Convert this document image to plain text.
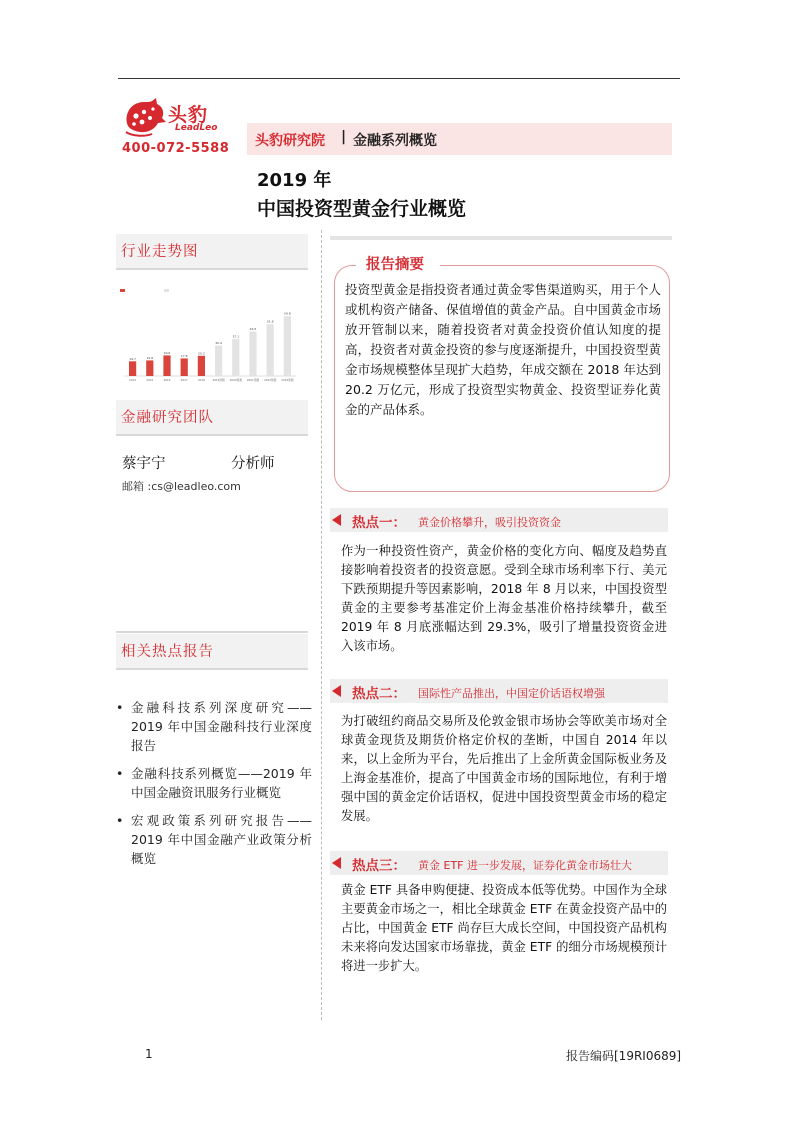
头豹
LeadLeo
400-072-5588 头豹研究院 | 金融系列概览
2019 年
中国投资型黄金行业概览
行业走势图
14.7
2014
15.6
2015
20.6
2016
17.6
2017
20.2
2018
30.4
2019预测
37.1
2020预测
44.5
2021预测
51.8
2022预测
59.8
2023预测
金融研究团队
蔡宇宁	分析师
邮箱 :cs@leadleo.com
相关热点报告
• 金融科技系列深度研究——2019 年中国金融科技行业深度报告
• 金融科技系列概览——2019 年中国金融资讯服务行业概览
• 宏观政策系列研究报告——2019 年中国金融产业政策分析概览
报告摘要
投资型黄金是指投资者通过黄金零售渠道购买，用于个人或机构资产储备、保值增值的黄金产品。自中国黄金市场放开管制以来，随着投资者对黄金投资价值认知度的提高，投资者对黄金投资的参与度逐渐提升，中国投资型黄金市场规模整体呈现扩大趋势，年成交额在 2018 年达到 20.2 万亿元，形成了投资型实物黄金、投资型证券化黄金的产品体系。
热点一： 黄金价格攀升，吸引投资资金
作为一种投资性资产，黄金价格的变化方向、幅度及趋势直接影响着投资者的投资意愿。受到全球市场利率下行、美元下跌预期提升等因素影响，2018 年 8 月以来，中国投资型黄金的主要参考基准定价上海金基准价格持续攀升，截至 2019 年 8 月底涨幅达到 29.3%，吸引了增量投资资金进入该市场。
热点二： 国际性产品推出，中国定价话语权增强
为打破纽约商品交易所及伦敦金银市场协会等欧美市场对全球黄金现货及期货价格定价权的垄断，中国自 2014 年以来，以上金所为平台，先后推出了上金所黄金国际板业务及上海金基准价，提高了中国黄金市场的国际地位，有利于增强中国的黄金定价话语权，促进中国投资型黄金市场的稳定发展。
热点三： 黄金 ETF 进一步发展，证券化黄金市场壮大
黄金 ETF 具备申购便捷、投资成本低等优势。中国作为全球主要黄金市场之一，相比全球黄金 ETF 在黄金投资产品中的占比，中国黄金 ETF 尚存巨大成长空间，中国投资产品机构未来将向发达国家市场靠拢，黄金 ETF 的细分市场规模预计将进一步扩大。
1	报告编码[19RI0689]
